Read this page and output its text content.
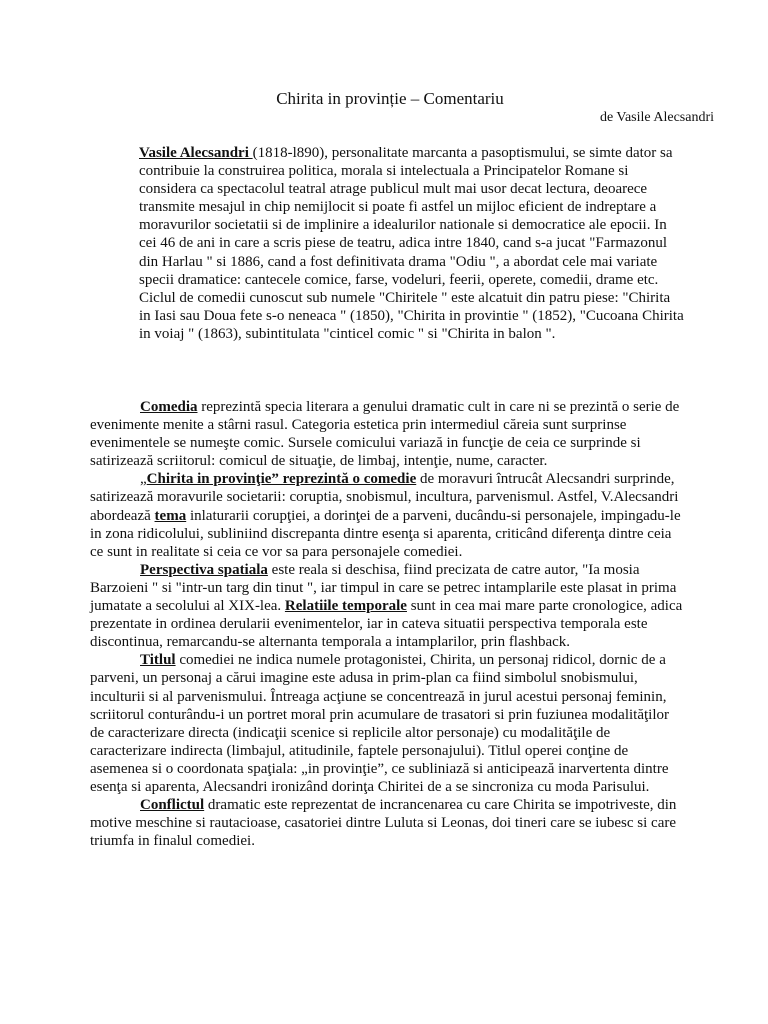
Chirita in provinție – Comentariu
de Vasile Alecsandri

Vasile Alecsandri (1818-l890), personalitate marcanta a pasoptismului, se simte dator sa contribuie la construirea politica, morala si intelectuala a Principatelor Romane si considera ca spectacolul teatral atrage publicul mult mai usor decat lectura, deoarece transmite mesajul in chip nemijlocit si poate fi astfel un mijloc eficient de indreptare a moravurilor societatii si de implinire a idealurilor nationale si democratice ale epocii. In cei 46 de ani in care a scris piese de teatru, adica intre 1840, cand s-a jucat "Farmazonul din Harlau " si 1886, cand a fost definitivata drama "Odiu ", a abordat cele mai variate specii dramatice: cantecele comice, farse, vodeluri, feerii, operete, comedii, drame etc.

Ciclul de comedii cunoscut sub numele "Chiritele " este alcatuit din patru piese: "Chirita in Iasi sau Doua fete s-o neneaca " (1850), "Chirita in provintie " (1852), "Cucoana Chirita in voiaj " (1863), subintitulata "cinticel comic " si "Chirita in balon ".

Comedia reprezintă specia literara a genului dramatic cult in care ni se prezintă o serie de evenimente menite a stârni rasul. Categoria estetica prin intermediul căreia sunt surprinse evenimentele se numeşte comic. Sursele comicului variază in funcţie de ceia ce surprinde si satirizează scriitorul: comicul de situaţie, de limbaj, intenţie, nume, caracter.

„Chirita in provinţie” reprezintă o comedie de moravuri întrucât Alecsandri surprinde, satirizează moravurile societarii: coruptia, snobismul, incultura, parvenismul. Astfel, V.Alecsandri abordează tema inlaturarii corupţiei, a dorinţei de a parveni, ducându-si personajele, impingadu-le in zona ridicolului, subliniind discrepanta dintre esenţa si aparenta, criticând diferenţa dintre ceia ce sunt in realitate si ceia ce vor sa para personajele comediei.

Perspectiva spatiala este reala si deschisa, fiind precizata de catre autor, "Ia mosia Barzoieni " si "intr-un targ din tinut ", iar timpul in care se petrec intamplarile este plasat in prima jumatate a secolului al XIX-lea. Relatiile temporale sunt in cea mai mare parte cronologice, adica prezentate in ordinea derularii evenimentelor, iar in cateva situatii perspectiva temporala este discontinua, remarcandu-se alternanta temporala a intamplarilor, prin flashback.

Titlul comediei ne indica numele protagonistei, Chirita, un personaj ridicol, dornic de a parveni, un personaj a cărui imagine este adusa in prim-plan ca fiind simbolul snobismului, inculturii si al parvenismului. Întreaga acţiune se concentrează in jurul acestui personaj feminin, scriitorul conturându-i un portret moral prin acumulare de trasatori si prin fuziunea modalităţilor de caracterizare directa (indicaţii scenice si replicile altor personaje) cu modalităţile de caracterizare indirecta (limbajul, atitudinile, faptele personajului). Titlul operei conţine de asemenea si o coordonata spaţiala: „in provinţie”, ce subliniază si anticipează inarvertenta dintre esenţa si aparenta, Alecsandri ironizând dorinţa Chiritei de a se sincroniza cu moda Parisului.

Conflictul dramatic este reprezentat de incrancenarea cu care Chirita se impotriveste, din motive meschine si rautacioase, casatoriei dintre Luluta si Leonas, doi tineri care se iubesc si care triumfa in finalul comediei.
